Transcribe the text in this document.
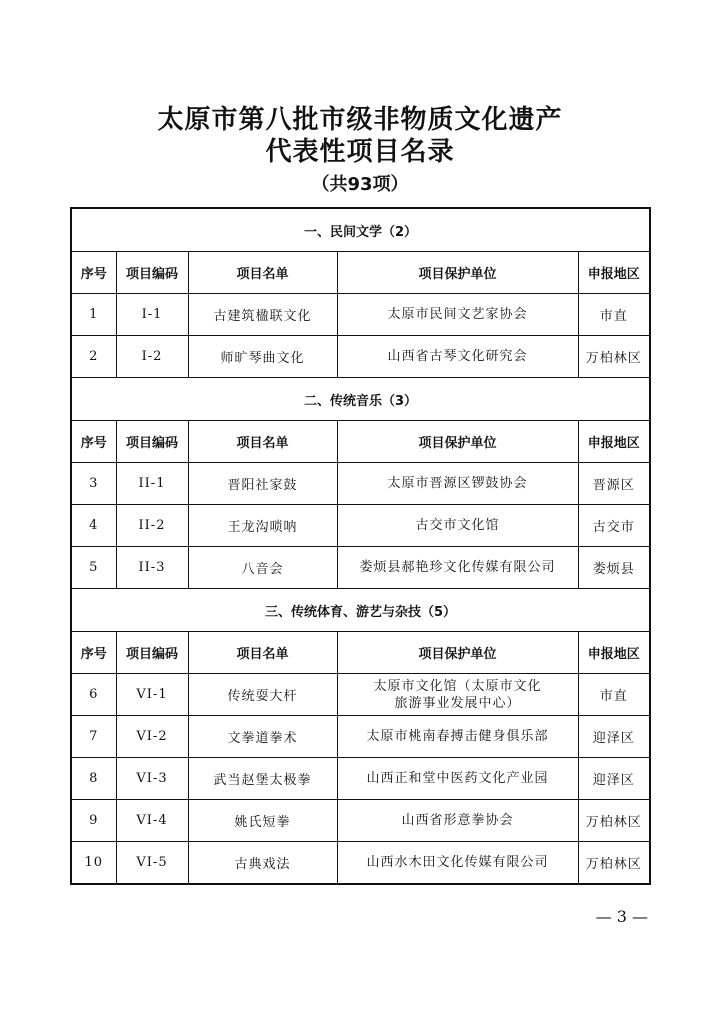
太原市第八批市级非物质文化遗产
代表性项目名录
（共93项）
一、民间文学（2）				
序号	项目编码	项目名单	项目保护单位	申报地区
1	I-1	古建筑楹联文化	太原市民间文艺家协会	市直
2	I-2	师旷琴曲文化	山西省古琴文化研究会	万柏林区
二、传统音乐（3）				
序号	项目编码	项目名单	项目保护单位	申报地区
3	II-1	晋阳社家鼓	太原市晋源区锣鼓协会	晋源区
4	II-2	王龙沟唢呐	古交市文化馆	古交市
5	II-3	八音会	娄烦县郝艳珍文化传媒有限公司	娄烦县
三、传统体育、游艺与杂技（5）				
序号	项目编码	项目名单	项目保护单位	申报地区
6	VI-1	传统耍大杆	太原市文化馆（太原市文化
旅游事业发展中心）	市直
7	VI-2	文拳道拳术	太原市桃南春搏击健身俱乐部	迎泽区
8	VI-3	武当赵堡太极拳	山西正和堂中医药文化产业园	迎泽区
9	VI-4	姚氏短拳	山西省形意拳协会	万柏林区
10	VI-5	古典戏法	山西水木田文化传媒有限公司	万柏林区
— 3 —
